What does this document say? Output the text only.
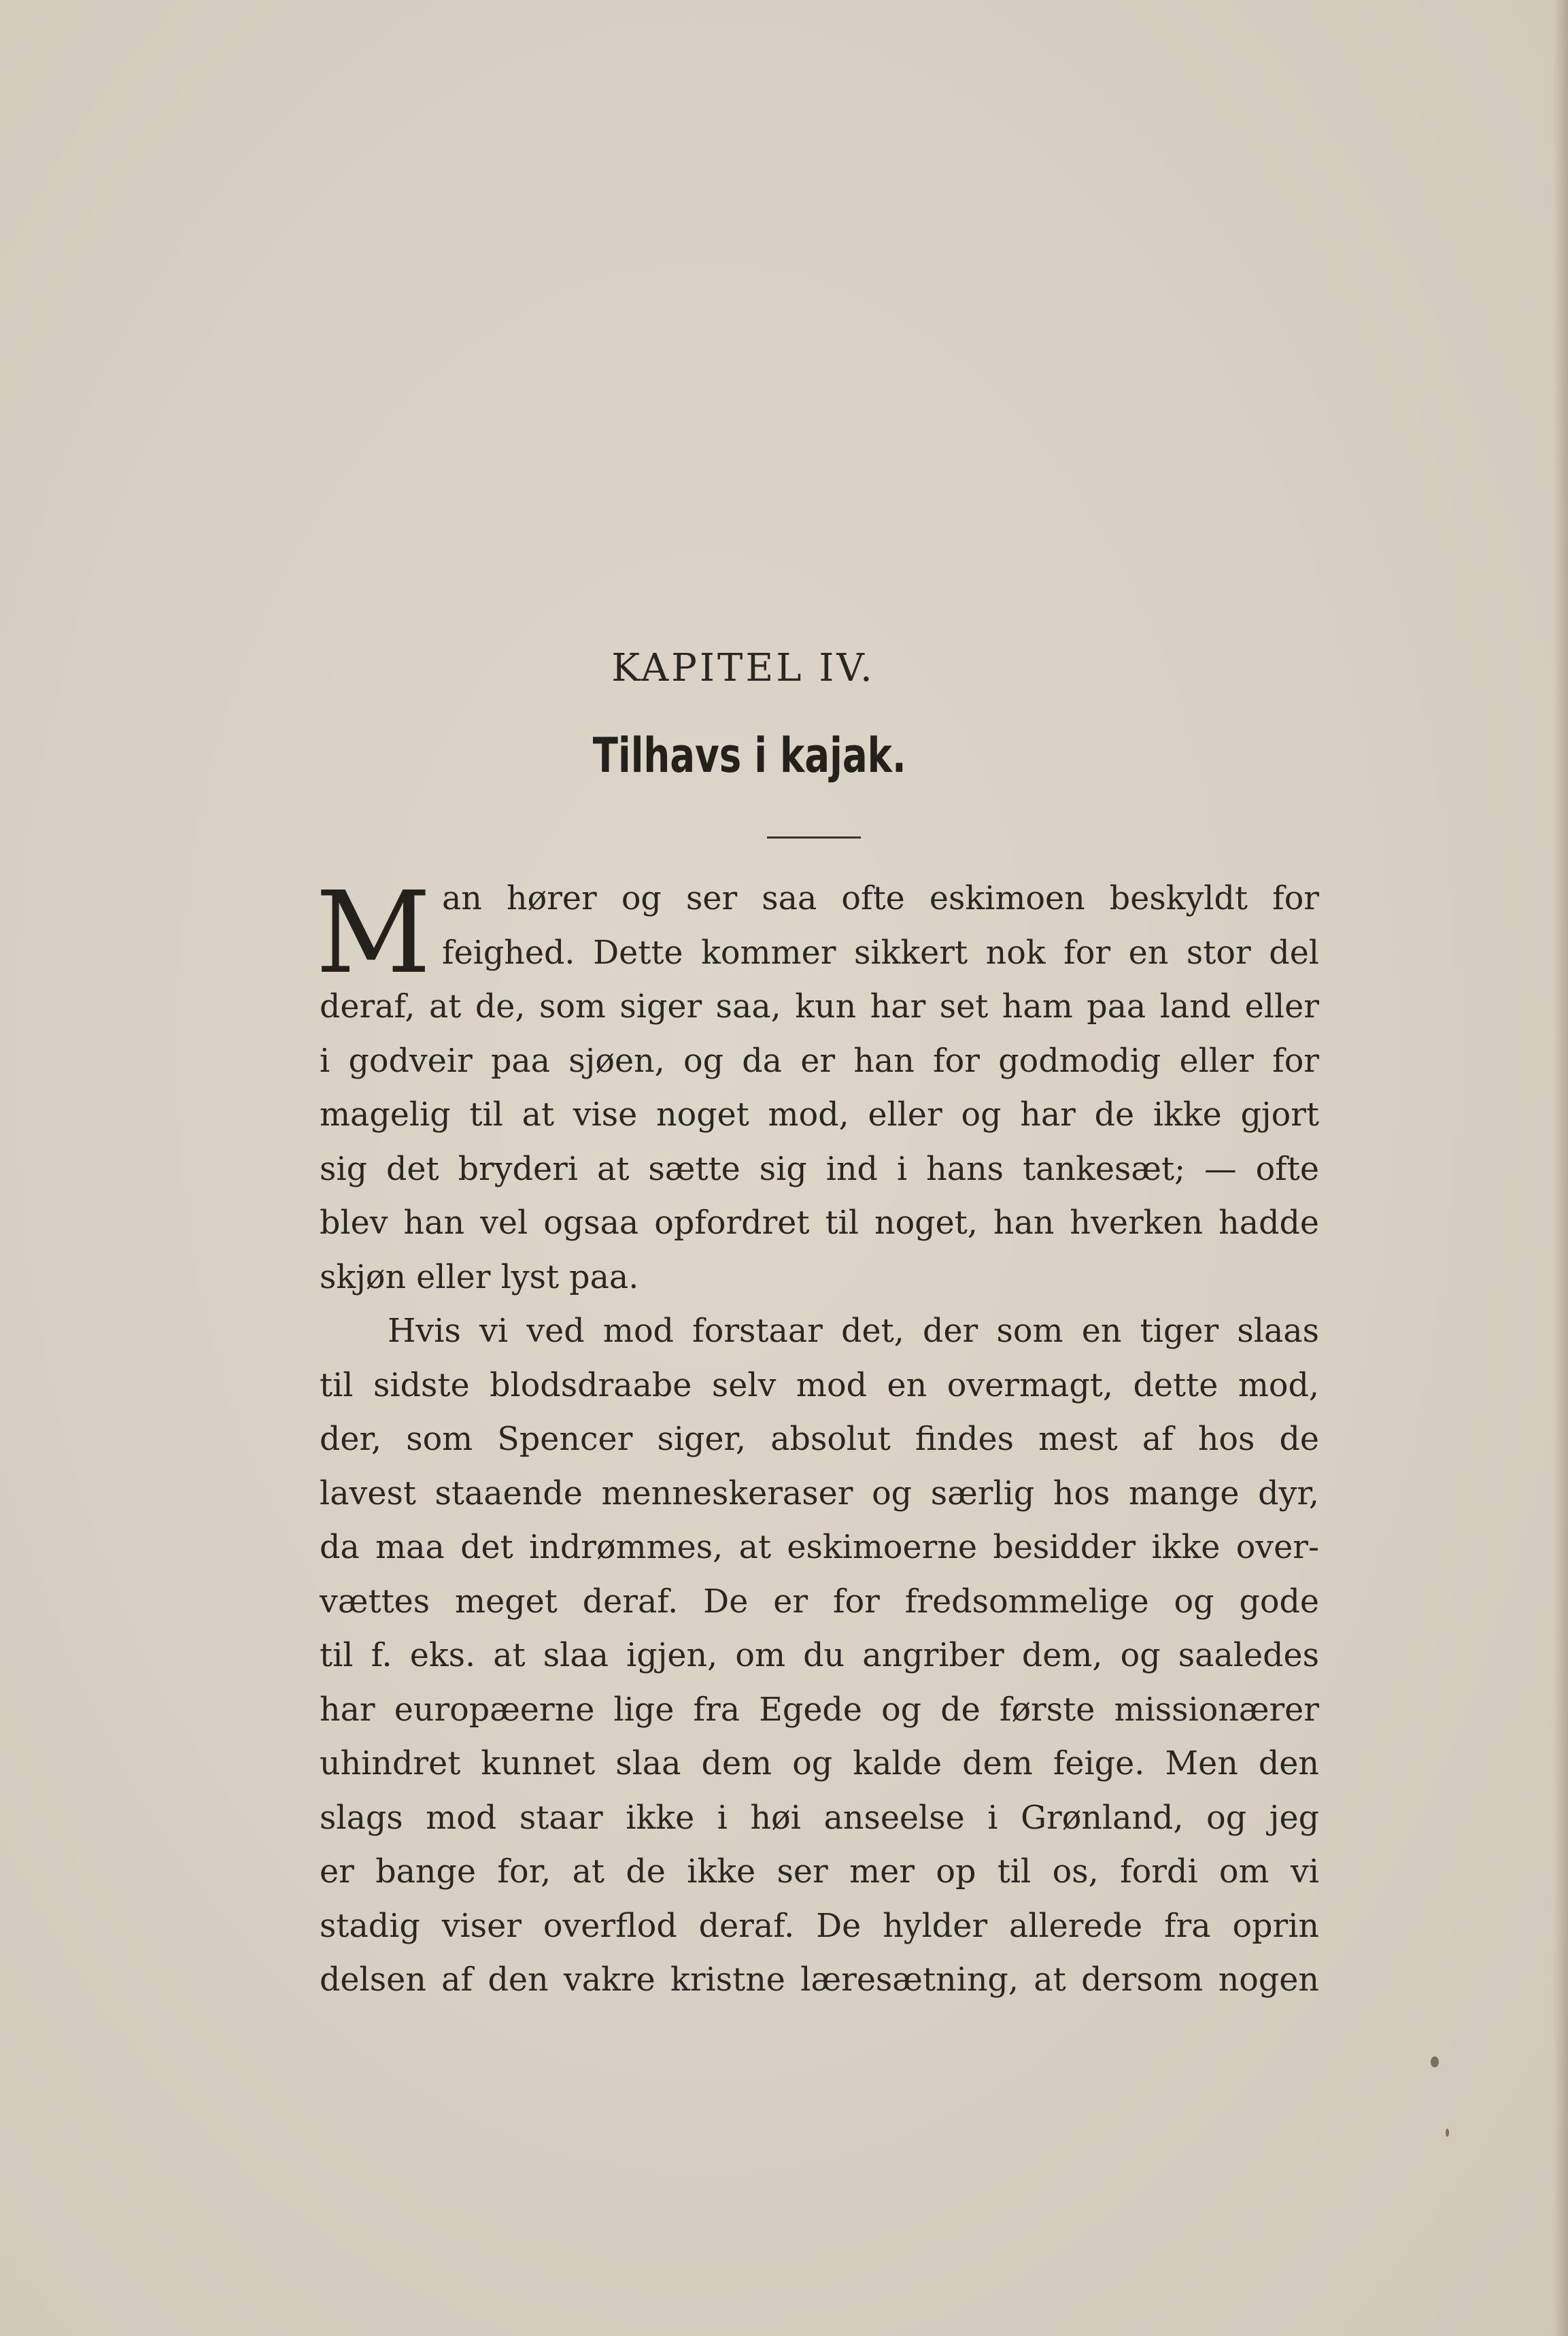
KAPITEL IV.
Tilhavs i kajak.

M an hører og ser saa ofte eskimoen beskyldt for
feighed. Dette kommer sikkert nok for en stor del
deraf, at de, som siger saa, kun har set ham paa land eller
i godveir paa sjøen, og da er han for godmodig eller for
magelig til at vise noget mod, eller og har de ikke gjort
sig det bryderi at sætte sig ind i hans tankesæt; — ofte
blev han vel ogsaa opfordret til noget, han hverken hadde
skjøn eller lyst paa.

Hvis vi ved mod forstaar det, der som en tiger slaas
til sidste blodsdraabe selv mod en overmagt, dette mod,
der, som Spencer siger, absolut findes mest af hos de
lavest staaende menneskeraser og særlig hos mange dyr,
da maa det indrømmes, at eskimoerne besidder ikke over-
vættes meget deraf. De er for fredsommelige og gode
til f. eks. at slaa igjen, om du angriber dem, og saaledes
har europæerne lige fra Egede og de første missionærer
uhindret kunnet slaa dem og kalde dem feige. Men den
slags mod staar ikke i høi anseelse i Grønland, og jeg
er bange for, at de ikke ser mer op til os, fordi om vi
stadig viser overflod deraf. De hylder allerede fra oprin
delsen af den vakre kristne læresætning, at dersom nogen
